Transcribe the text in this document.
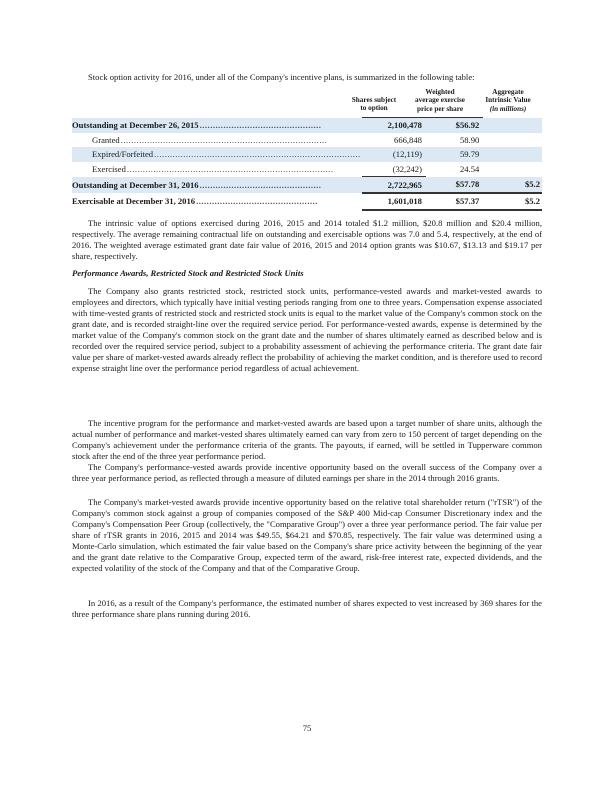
Stock option activity for 2016, under all of the Company's incentive plans, is summarized in the following table:
Shares subject
to option
Weighted
average exercise
price per share
Aggregate
Intrinsic Value
(in millions)
Outstanding at December 26, 2015..............................................	2,100,478	$56.92	
Granted..............................................................................	666,848	58.90	
Expired/Forfeited..............................................................................	(12,119)	59.79	
Exercised..............................................................................	(32,242)	24.54	
Outstanding at December 31, 2016..............................................	2,722,965	$57.78	$5.2
Exercisable at December 31, 2016..............................................	1,601,018	$57.37	$5.2
The intrinsic value of options exercised during 2016, 2015 and 2014 totaled $1.2 million, $20.8 million and $20.4 million, respectively. The average remaining contractual life on outstanding and exercisable options was 7.0 and 5.4, respectively, at the end of 2016. The weighted average estimated grant date fair value of 2016, 2015 and 2014 option grants was $10.67, $13.13 and $19.17 per share, respectively.
Performance Awards, Restricted Stock and Restricted Stock Units
The Company also grants restricted stock, restricted stock units, performance-vested awards and market-vested awards to employees and directors, which typically have initial vesting periods ranging from one to three years. Compensation expense associated with time-vested grants of restricted stock and restricted stock units is equal to the market value of the Company's common stock on the grant date, and is recorded straight-line over the required service period. For performance-vested awards, expense is determined by the market value of the Company's common stock on the grant date and the number of shares ultimately earned as described below and is recorded over the required service period, subject to a probability assessment of achieving the performance criteria. The grant date fair value per share of market-vested awards already reflect the probability of achieving the market condition, and is therefore used to record expense straight line over the performance period regardless of actual achievement.
The incentive program for the performance and market-vested awards are based upon a target number of share units, although the actual number of performance and market-vested shares ultimately earned can vary from zero to 150 percent of target depending on the Company's achievement under the performance criteria of the grants. The payouts, if earned, will be settled in Tupperware common stock after the end of the three year performance period.
The Company's performance-vested awards provide incentive opportunity based on the overall success of the Company over a three year performance period, as reflected through a measure of diluted earnings per share in the 2014 through 2016 grants.
The Company's market-vested awards provide incentive opportunity based on the relative total shareholder return ("rTSR") of the Company's common stock against a group of companies composed of the S&P 400 Mid-cap Consumer Discretionary index and the Company's Compensation Peer Group (collectively, the "Comparative Group") over a three year performance period. The fair value per share of rTSR grants in 2016, 2015 and 2014 was $49.55, $64.21 and $70.85, respectively. The fair value was determined using a Monte-Carlo simulation, which estimated the fair value based on the Company's share price activity between the beginning of the year and the grant date relative to the Comparative Group, expected term of the award, risk-free interest rate, expected dividends, and the expected volatility of the stock of the Company and that of the Comparative Group.
In 2016, as a result of the Company's performance, the estimated number of shares expected to vest increased by 369 shares for the three performance share plans running during 2016.
75
